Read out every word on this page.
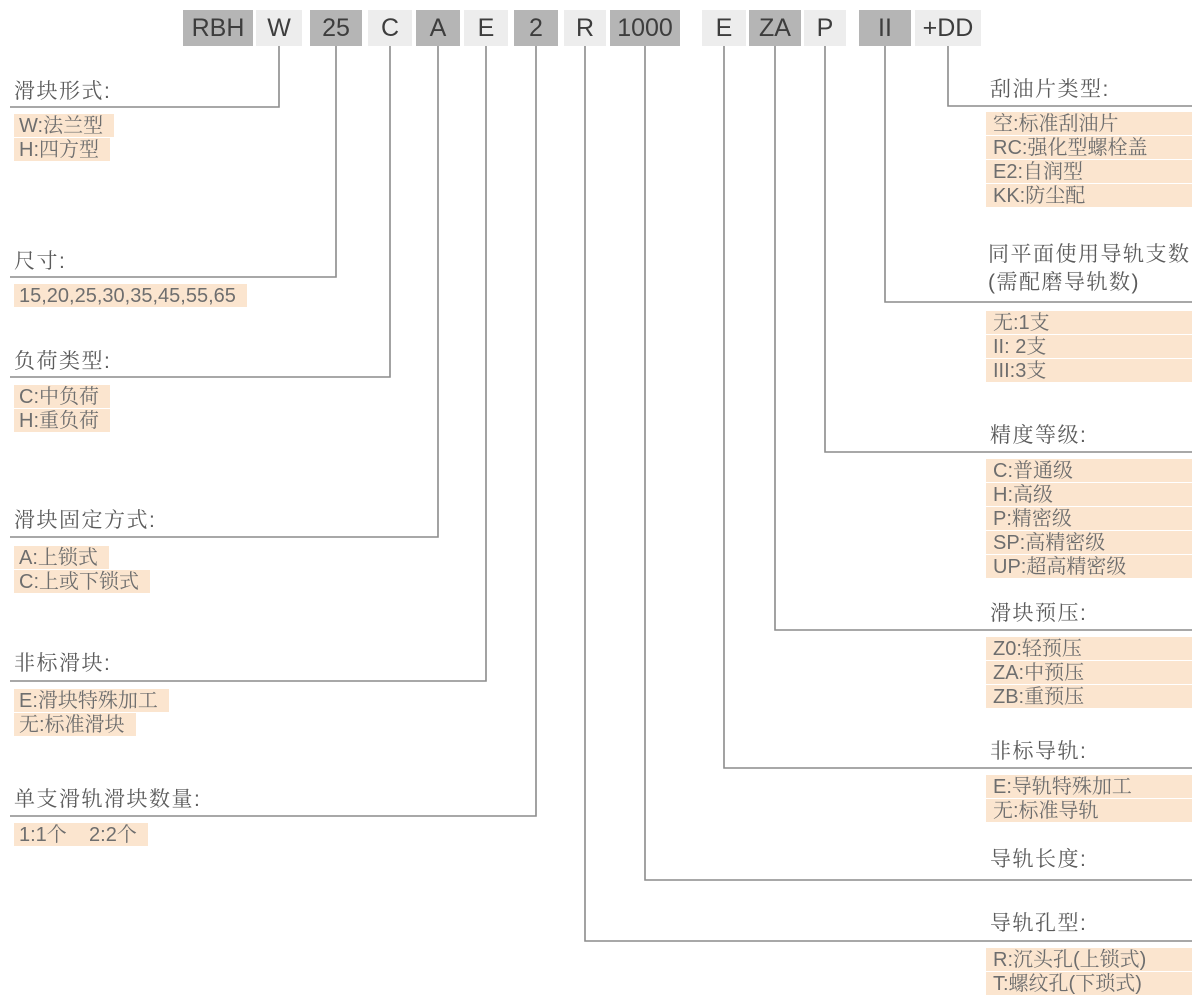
RBH W	25	C	A	E	2	R 1000	E	ZA	P	II	+DD
滑块形式:
W:法兰型
H:四方型
尺寸:
15,20,25,30,35,45,55,65
负荷类型:
C:中负荷
H:重负荷
滑块固定方式:
A:上锁式
C:上或下锁式
非标滑块:
E:滑块特殊加工
无:标准滑块
单支滑轨滑块数量:
1:1个    2:2个
刮油片类型:
空:标准刮油片
RC:强化型螺栓盖
E2:自润型
KK:防尘配
同平面使用导轨支数
(需配磨导轨数)
无:1支
II: 2支
III:3支
精度等级:
C:普通级
H:高级
P:精密级
SP:高精密级
UP:超高精密级
滑块预压:
Z0:轻预压
ZA:中预压
ZB:重预压
非标导轨:
E:导轨特殊加工
无:标准导轨
导轨长度:
导轨孔型:
R:沉头孔(上锁式)
T:螺纹孔(下琐式)
